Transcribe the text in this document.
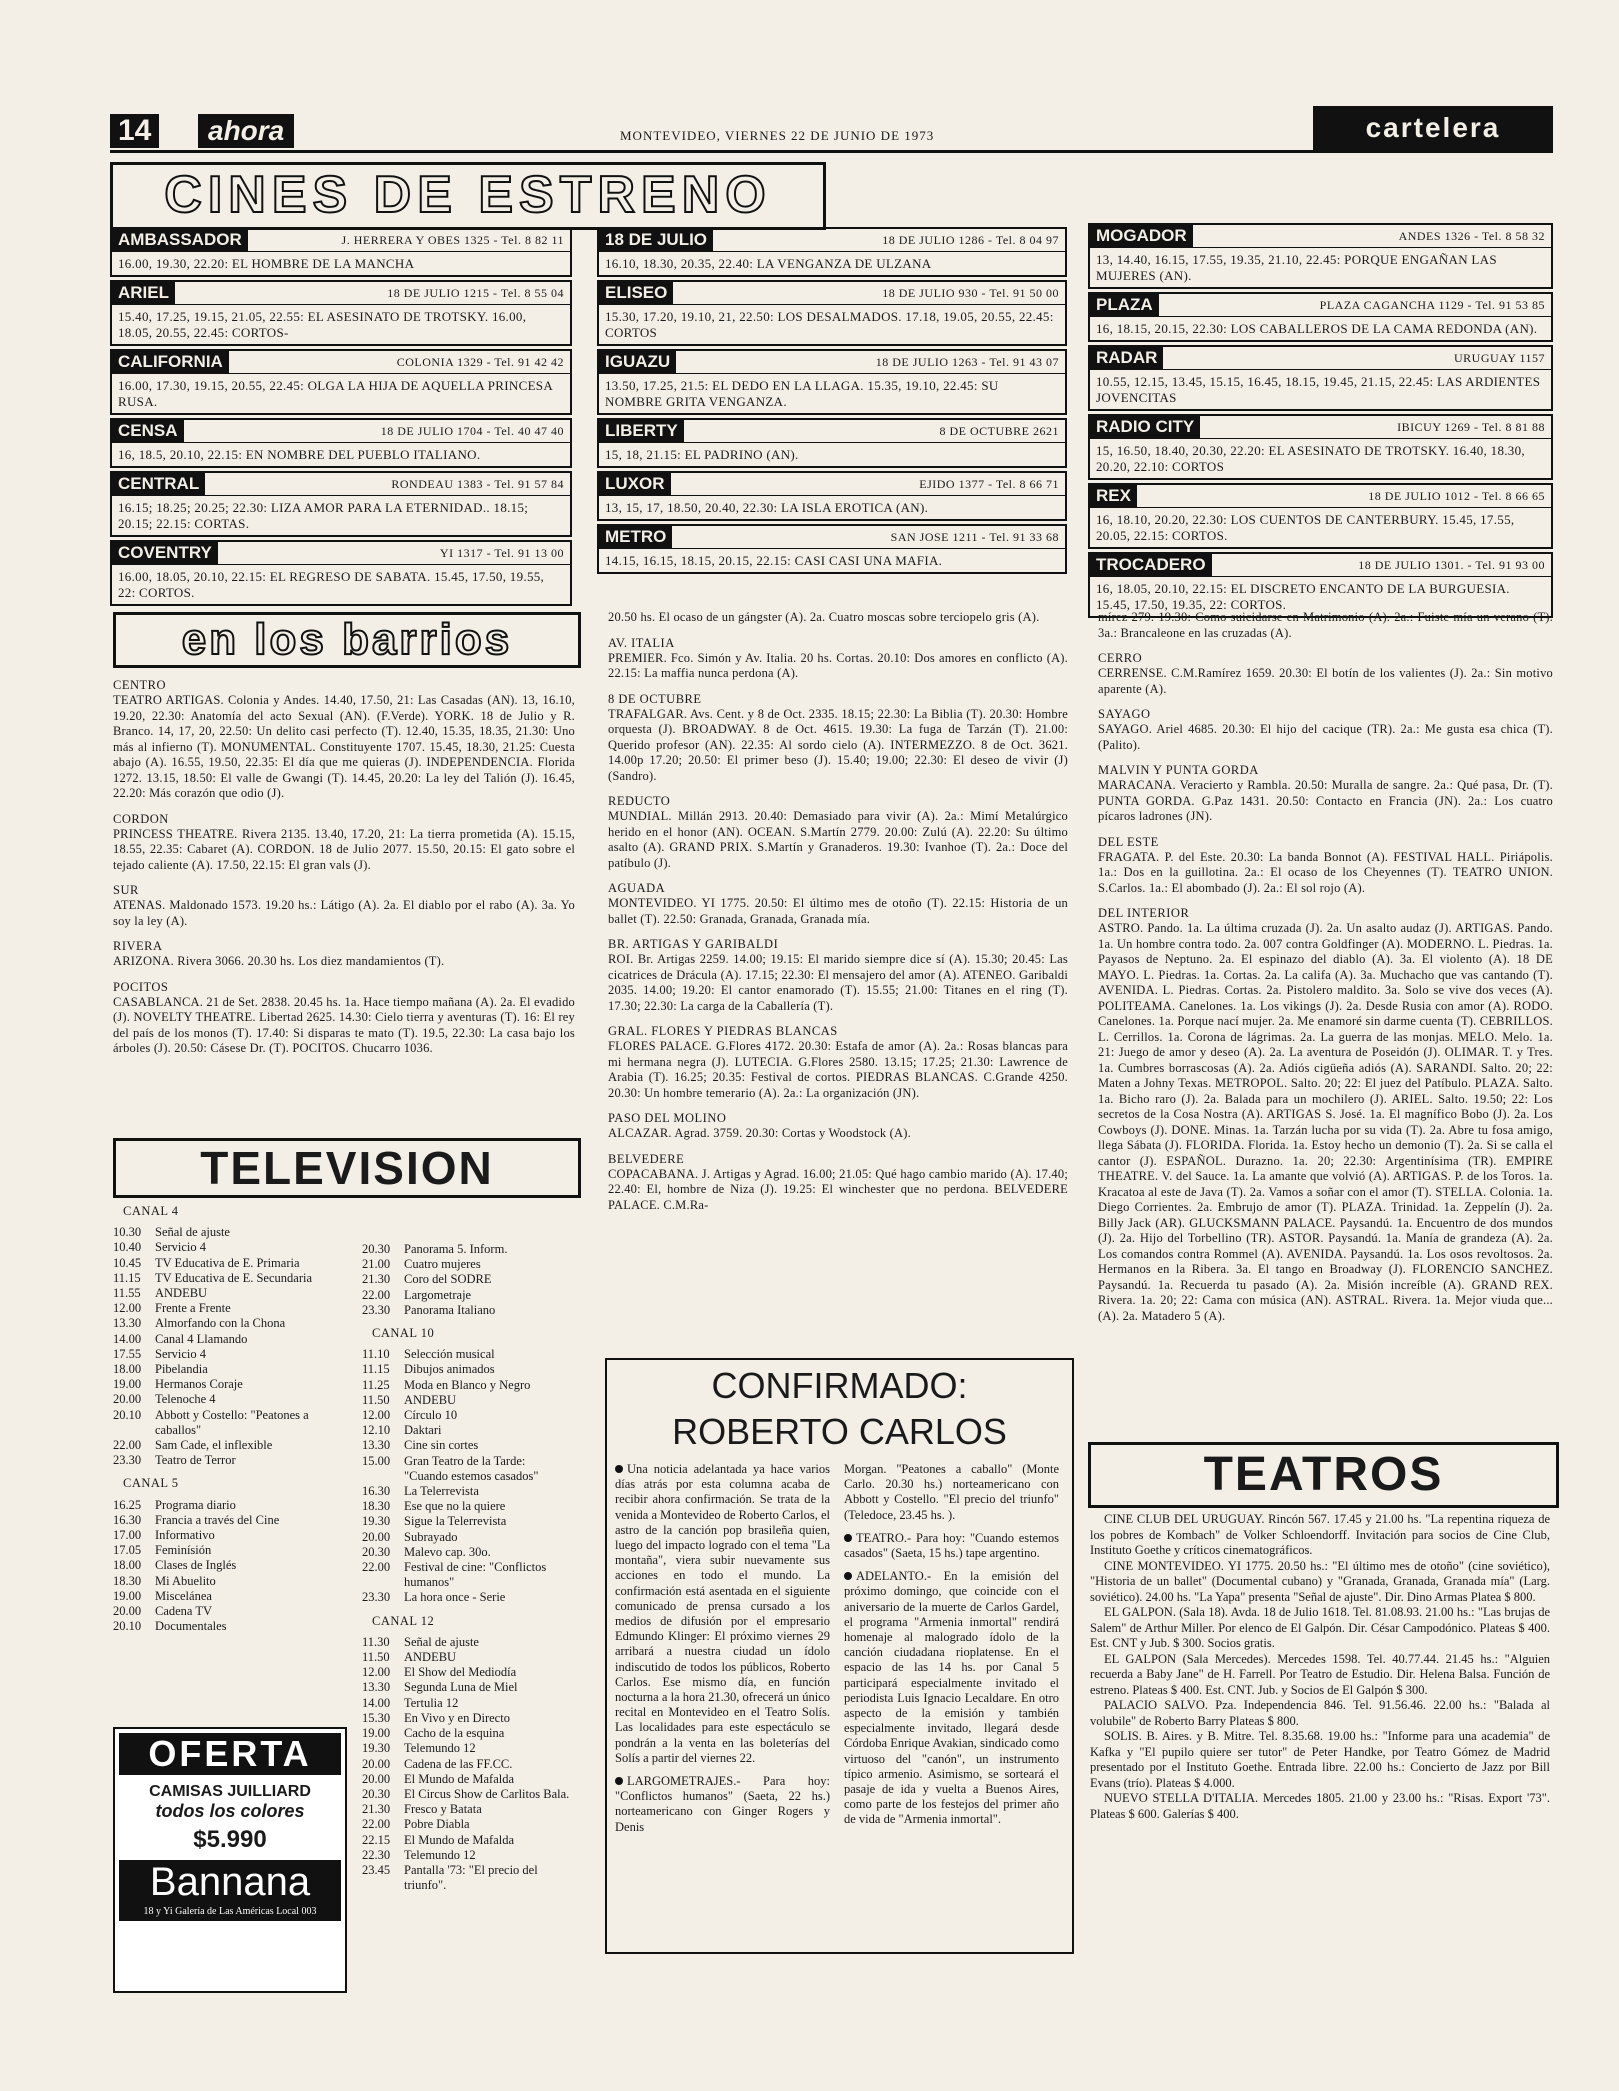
14	ahora	MONTEVIDEO, VIERNES 22 DE JUNIO DE 1973	cartelera
CINES DE ESTRENO
AMBASSADOR	J. HERRERA Y OBES 1325 - Tel. 8 82 11
16.00, 19.30, 22.20: EL HOMBRE DE LA MANCHA
ARIEL	18 DE JULIO 1215 - Tel. 8 55 04
15.40, 17.25, 19.15, 21.05, 22.55: EL ASESINATO DE TROTSKY. 16.00, 18.05, 20.55, 22.45: CORTOS-
CALIFORNIA	COLONIA 1329 - Tel. 91 42 42
16.00, 17.30, 19.15, 20.55, 22.45: OLGA LA HIJA DE AQUELLA PRINCESA RUSA.
CENSA	18 DE JULIO 1704 - Tel. 40 47 40
16, 18.5, 20.10, 22.15: EN NOMBRE DEL PUEBLO ITALIANO.
CENTRAL	RONDEAU 1383 - Tel. 91 57 84
16.15; 18.25; 20.25; 22.30: LIZA AMOR PARA LA ETERNIDAD.. 18.15; 20.15; 22.15: CORTAS.
COVENTRY	YI 1317 - Tel. 91 13 00
16.00, 18.05, 20.10, 22.15: EL REGRESO DE SABATA. 15.45, 17.50, 19.55, 22: CORTOS.
18 DE JULIO	18 DE JULIO 1286 - Tel. 8 04 97
16.10, 18.30, 20.35, 22.40: LA VENGANZA DE ULZANA
ELISEO	18 DE JULIO 930 - Tel. 91 50 00
15.30, 17.20, 19.10, 21, 22.50: LOS DESALMADOS. 17.18, 19.05, 20.55, 22.45: CORTOS
IGUAZU	18 DE JULIO 1263 - Tel. 91 43 07
13.50, 17.25, 21.5: EL DEDO EN LA LLAGA. 15.35, 19.10, 22.45: SU NOMBRE GRITA VENGANZA.
LIBERTY	8 DE OCTUBRE 2621
15, 18, 21.15: EL PADRINO (AN).
LUXOR	EJIDO 1377 - Tel. 8 66 71
13, 15, 17, 18.50, 20.40, 22.30: LA ISLA EROTICA (AN).
METRO	SAN JOSE 1211 - Tel. 91 33 68
14.15, 16.15, 18.15, 20.15, 22.15: CASI CASI UNA MAFIA.
MOGADOR	ANDES 1326 - Tel. 8 58 32
13, 14.40, 16.15, 17.55, 19.35, 21.10, 22.45: PORQUE ENGAÑAN LAS MUJERES (AN).
PLAZA	PLAZA CAGANCHA 1129 - Tel. 91 53 85
16, 18.15, 20.15, 22.30: LOS CABALLEROS DE LA CAMA REDONDA (AN).
RADAR	URUGUAY 1157
10.55, 12.15, 13.45, 15.15, 16.45, 18.15, 19.45, 21.15, 22.45: LAS ARDIENTES JOVENCITAS
RADIO CITY	IBICUY 1269 - Tel. 8 81 88
15, 16.50, 18.40, 20.30, 22.20: EL ASESINATO DE TROTSKY. 16.40, 18.30, 20.20, 22.10: CORTOS
REX	18 DE JULIO 1012 - Tel. 8 66 65
16, 18.10, 20.20, 22.30: LOS CUENTOS DE CANTERBURY. 15.45, 17.55, 20.05, 22.15: CORTOS.
TROCADERO	18 DE JULIO 1301. - Tel. 91 93 00
16, 18.05, 20.10, 22.15: EL DISCRETO ENCANTO DE LA BURGUESIA. 15.45, 17.50, 19.35, 22: CORTOS.
en los barrios
CENTRO
TEATRO ARTIGAS. Colonia y Andes. 14.40, 17.50, 21: Las Casadas (AN). 13, 16.10, 19.20, 22.30: Anatomía del acto Sexual (AN). (F.Verde). YORK. 18 de Julio y R. Branco. 14, 17, 20, 22.50: Un delito casi perfecto (T). 12.40, 15.35, 18.35, 21.30: Uno más al infierno (T). MONUMENTAL. Constituyente 1707. 15.45, 18.30, 21.25: Cuesta abajo (A). 16.55, 19.50, 22.35: El día que me quieras (J). INDEPENDENCIA. Florida 1272. 13.15, 18.50: El valle de Gwangi (T). 14.45, 20.20: La ley del Talión (J). 16.45, 22.20: Más corazón que odio (J).
CORDON
PRINCESS THEATRE. Rivera 2135. 13.40, 17.20, 21: La tierra prometida (A). 15.15, 18.55, 22.35: Cabaret (A). CORDON. 18 de Julio 2077. 15.50, 20.15: El gato sobre el tejado caliente (A). 17.50, 22.15: El gran vals (J).
SUR
ATENAS. Maldonado 1573. 19.20 hs.: Látigo (A). 2a. El diablo por el rabo (A). 3a. Yo soy la ley (A).
RIVERA
ARIZONA. Rivera 3066. 20.30 hs. Los diez mandamientos (T).
POCITOS
CASABLANCA. 21 de Set. 2838. 20.45 hs. 1a. Hace tiempo mañana (A). 2a. El evadido (J). NOVELTY THEATRE. Libertad 2625. 14.30: Cielo tierra y aventuras (T). 16: El rey del país de los monos (T). 17.40: Si disparas te mato (T). 19.5, 22.30: La casa bajo los árboles (J). 20.50: Cásese Dr. (T). POCITOS. Chucarro 1036.
20.50 hs. El ocaso de un gángster (A). 2a. Cuatro moscas sobre terciopelo gris (A).
AV. ITALIA
PREMIER. Fco. Simón y Av. Italia. 20 hs. Cortas. 20.10: Dos amores en conflicto (A). 22.15: La maffia nunca perdona (A).
8 DE OCTUBRE
TRAFALGAR. Avs. Cent. y 8 de Oct. 2335. 18.15; 22.30: La Biblia (T). 20.30: Hombre orquesta (J). BROADWAY. 8 de Oct. 4615. 19.30: La fuga de Tarzán (T). 21.00: Querido profesor (AN). 22.35: Al sordo cielo (A). INTERMEZZO. 8 de Oct. 3621. 14.00p 17.20; 20.50: El primer beso (J). 15.40; 19.00; 22.30: El deseo de vivir (J) (Sandro).
REDUCTO
MUNDIAL. Millán 2913. 20.40: Demasiado para vivir (A). 2a.: Mimí Metalúrgico herido en el honor (AN). OCEAN. S.Martín 2779. 20.00: Zulú (A). 22.20: Su último asalto (A). GRAND PRIX. S.Martín y Granaderos. 19.30: Ivanhoe (T). 2a.: Doce del patíbulo (J).
AGUADA
MONTEVIDEO. YI 1775. 20.50: El último mes de otoño (T). 22.15: Historia de un ballet (T). 22.50: Granada, Granada, Granada mía.
BR. ARTIGAS Y GARIBALDI
ROI. Br. Artigas 2259. 14.00; 19.15: El marido siempre dice sí (A). 15.30; 20.45: Las cicatrices de Drácula (A). 17.15; 22.30: El mensajero del amor (A). ATENEO. Garibaldi 2035. 14.00; 19.20: El cantor enamorado (T). 15.55; 21.00: Titanes en el ring (T). 17.30; 22.30: La carga de la Caballería (T).
GRAL. FLORES Y PIEDRAS BLANCAS
FLORES PALACE. G.Flores 4172. 20.30: Estafa de amor (A). 2a.: Rosas blancas para mi hermana negra (J). LUTECIA. G.Flores 2580. 13.15; 17.25; 21.30: Lawrence de Arabia (T). 16.25; 20.35: Festival de cortos. PIEDRAS BLANCAS. C.Grande 4250. 20.30: Un hombre temerario (A). 2a.: La organización (JN).
PASO DEL MOLINO
ALCAZAR. Agrad. 3759. 20.30: Cortas y Woodstock (A).
BELVEDERE
COPACABANA. J. Artigas y Agrad. 16.00; 21.05: Qué hago cambio marido (A). 17.40; 22.40: El, hombre de Niza (J). 19.25: El winchester que no perdona. BELVEDERE PALACE. C.M.Ra-
mírez 279. 19.30: Como suicidarse en Matrimonio (A). 2a.: Fuiste mía un verano (T). 3a.: Brancaleone en las cruzadas (A).
CERRO
CERRENSE. C.M.Ramírez 1659. 20.30: El botín de los valientes (J). 2a.: Sin motivo aparente (A).
SAYAGO
SAYAGO. Ariel 4685. 20.30: El hijo del cacique (TR). 2a.: Me gusta esa chica (T). (Palito).
MALVIN Y PUNTA GORDA
MARACANA. Veracierto y Rambla. 20.50: Muralla de sangre. 2a.: Qué pasa, Dr. (T). PUNTA GORDA. G.Paz 1431. 20.50: Contacto en Francia (JN). 2a.: Los cuatro pícaros ladrones (JN).
DEL ESTE
FRAGATA. P. del Este. 20.30: La banda Bonnot (A). FESTIVAL HALL. Piriápolis. 1a.: Dos en la guillotina. 2a.: El ocaso de los Cheyennes (T). TEATRO UNION. S.Carlos. 1a.: El abombado (J). 2a.: El sol rojo (A).
DEL INTERIOR
ASTRO. Pando. 1a. La última cruzada (J). 2a. Un asalto audaz (J). ARTIGAS. Pando. 1a. Un hombre contra todo. 2a. 007 contra Goldfinger (A). MODERNO. L. Piedras. 1a. Payasos de Neptuno. 2a. El espinazo del diablo (A). 3a. El violento (A). 18 DE MAYO. L. Piedras. 1a. Cortas. 2a. La califa (A). 3a. Muchacho que vas cantando (T). AVENIDA. L. Piedras. Cortas. 2a. Pistolero maldito. 3a. Solo se vive dos veces (A). POLITEAMA. Canelones. 1a. Los vikings (J). 2a. Desde Rusia con amor (A). RODO. Canelones. 1a. Porque nací mujer. 2a. Me enamoré sin darme cuenta (T). CEBRILLOS. L. Cerrillos. 1a. Corona de lágrimas. 2a. La guerra de las monjas. MELO. Melo. 1a. 21: Juego de amor y deseo (A). 2a. La aventura de Poseidón (J). OLIMAR. T. y Tres. 1a. Cumbres borrascosas (A). 2a. Adiós cigüeña adiós (A). SARANDI. Salto. 20; 22: Maten a Johny Texas. METROPOL. Salto. 20; 22: El juez del Patíbulo. PLAZA. Salto. 1a. Bicho raro (J). 2a. Balada para un mochilero (J). ARIEL. Salto. 19.50; 22: Los secretos de la Cosa Nostra (A). ARTIGAS S. José. 1a. El magnífico Bobo (J). 2a. Los Cowboys (J). DONE. Minas. 1a. Tarzán lucha por su vida (T). 2a. Abre tu fosa amigo, llega Sábata (J). FLORIDA. Florida. 1a. Estoy hecho un demonio (T). 2a. Si se calla el cantor (J). ESPAÑOL. Durazno. 1a. 20; 22.30: Argentinísima (TR). EMPIRE THEATRE. V. del Sauce. 1a. La amante que volvió (A). ARTIGAS. P. de los Toros. 1a. Kracatoa al este de Java (T). 2a. Vamos a soñar con el amor (T). STELLA. Colonia. 1a. Diego Corrientes. 2a. Embrujo de amor (T). PLAZA. Trinidad. 1a. Zeppelín (J). 2a. Billy Jack (AR). GLUCKSMANN PALACE. Paysandú. 1a. Encuentro de dos mundos (J). 2a. Hijo del Torbellino (TR). ASTOR. Paysandú. 1a. Manía de grandeza (A). 2a. Los comandos contra Rommel (A). AVENIDA. Paysandú. 1a. Los osos revoltosos. 2a. Hermanos en la Ribera. 3a. El tango en Broadway (J). FLORENCIO SANCHEZ. Paysandú. 1a. Recuerda tu pasado (A). 2a. Misión increíble (A). GRAND REX. Rivera. 1a. 20; 22: Cama con música (AN). ASTRAL. Rivera. 1a. Mejor viuda que... (A). 2a. Matadero 5 (A).
TELEVISION
CANAL 4
10.30	Señal de ajuste
10.40	Servicio 4
10.45	TV Educativa de E. Primaria
11.15	TV Educativa de E. Secundaria
11.55	ANDEBU
12.00	Frente a Frente
13.30	Almorfando con la Chona
14.00	Canal 4 Llamando
17.55	Servicio 4
18.00	Pibelandia
19.00	Hermanos Coraje
20.00	Telenoche 4
20.10	Abbott y Costello: "Peatones a caballos"
22.00	Sam Cade, el inflexible
23.30	Teatro de Terror
CANAL 5
16.25	Programa diario
16.30	Francia a través del Cine
17.00	Informativo
17.05	Feminísión
18.00	Clases de Inglés
18.30	Mi Abuelito
19.00	Miscelánea
20.00	Cadena TV
20.10	Documentales
20.30	Panorama 5. Inform.
21.00	Cuatro mujeres
21.30	Coro del SODRE
22.00	Largometraje
23.30	Panorama Italiano
CANAL 10
11.10	Selección musical
11.15	Dibujos animados
11.25	Moda en Blanco y Negro
11.50	ANDEBU
12.00	Círculo 10
12.10	Daktari
13.30	Cine sin cortes
15.00	Gran Teatro de la Tarde: "Cuando estemos casados"
16.30	La Telerrevista
18.30	Ese que no la quiere
19.30	Sigue la Telerrevista
20.00	Subrayado
20.30	Malevo cap. 30o.
22.00	Festival de cine: "Conflictos humanos"
23.30	La hora once - Serie
CANAL 12
11.30	Señal de ajuste
11.50	ANDEBU
12.00	El Show del Mediodía
13.30	Segunda Luna de Miel
14.00	Tertulia 12
15.30	En Vivo y en Directo
19.00	Cacho de la esquina
19.30	Telemundo 12
20.00	Cadena de las FF.CC.
20.00	El Mundo de Mafalda
20.30	El Circus Show de Carlitos Bala.
21.30	Fresco y Batata
22.00	Pobre Diabla
22.15	El Mundo de Mafalda
22.30	Telemundo 12
23.45	Pantalla '73: "El precio del triunfo".
OFERTA
CAMISAS JUILLIARD
todos los colores
$5.990
Bannana
18 y Yi Galería de Las Américas Local 003
CONFIRMADO:
ROBERTO CARLOS
Una noticia adelantada ya hace varios días atrás por esta columna acaba de recibir ahora confirmación. Se trata de la venida a Montevideo de Roberto Carlos, el astro de la canción pop brasileña quien, luego del impacto logrado con el tema "La montaña", viera subir nuevamente sus acciones en todo el mundo. La confirmación está asentada en el siguiente comunicado de prensa cursado a los medios de difusión por el empresario Edmundo Klinger: El próximo viernes 29 arribará a nuestra ciudad un ídolo indiscutido de todos los públicos, Roberto Carlos. Ese mismo día, en función nocturna a la hora 21.30, ofrecerá un único recital en Montevideo en el Teatro Solís. Las localidades para este espectáculo se pondrán a la venta en las boleterías del Solís a partir del viernes 22.
LARGOMETRAJES.- Para hoy: "Conflictos humanos" (Saeta, 22 hs.) norteamericano con Ginger Rogers y Denis
Morgan. "Peatones a caballo" (Monte Carlo. 20.30 hs.) norteamericano con Abbott y Costello. "El precio del triunfo" (Teledoce, 23.45 hs. ).
TEATRO.- Para hoy: "Cuando estemos casados" (Saeta, 15 hs.) tape argentino.
ADELANTO.- En la emisión del próximo domingo, que coincide con el aniversario de la muerte de Carlos Gardel, el programa "Armenia inmortal" rendirá homenaje al malogrado ídolo de la canción ciudadana rioplatense. En el espacio de las 14 hs. por Canal 5 participará especialmente invitado el periodista Luis Ignacio Lecaldare. En otro aspecto de la emisión y también especialmente invitado, llegará desde Córdoba Enrique Avakian, sindicado como virtuoso del "canón", un instrumento típico armenio. Asimismo, se sorteará el pasaje de ida y vuelta a Buenos Aires, como parte de los festejos del primer año de vida de "Armenia inmortal".
TEATROS
CINE CLUB DEL URUGUAY. Rincón 567. 17.45 y 21.00 hs. "La repentina riqueza de los pobres de Kombach" de Volker Schloendorff. Invitación para socios de Cine Club, Instituto Goethe y críticos cinematográficos.
CINE MONTEVIDEO. YI 1775. 20.50 hs.: "El último mes de otoño" (cine soviético), "Historia de un ballet" (Documental cubano) y "Granada, Granada, Granada mía" (Larg. soviético). 24.00 hs. "La Yapa" presenta "Señal de ajuste". Dir. Dino Armas Platea $ 800.
EL GALPON. (Sala 18). Avda. 18 de Julio 1618. Tel. 81.08.93. 21.00 hs.: "Las brujas de Salem" de Arthur Miller. Por elenco de El Galpón. Dir. César Campodónico. Plateas $ 400. Est. CNT y Jub. $ 300. Socios gratis.
EL GALPON (Sala Mercedes). Mercedes 1598. Tel. 40.77.44. 21.45 hs.: "Alguien recuerda a Baby Jane" de H. Farrell. Por Teatro de Estudio. Dir. Helena Balsa. Función de estreno. Plateas $ 400. Est. CNT. Jub. y Socios de El Galpón $ 300.
PALACIO SALVO. Pza. Independencia 846. Tel. 91.56.46. 22.00 hs.: "Balada al volubile" de Roberto Barry Plateas $ 800.
SOLIS. B. Aires. y B. Mitre. Tel. 8.35.68. 19.00 hs.: "Informe para una academia" de Kafka y "El pupilo quiere ser tutor" de Peter Handke, por Teatro Gómez de Madrid presentado por el Instituto Goethe. Entrada libre. 22.00 hs.: Concierto de Jazz por Bill Evans (trío). Plateas $ 4.000.
NUEVO STELLA D'ITALIA. Mercedes 1805. 21.00 y 23.00 hs.: "Risas. Export '73". Plateas $ 600. Galerías $ 400.
